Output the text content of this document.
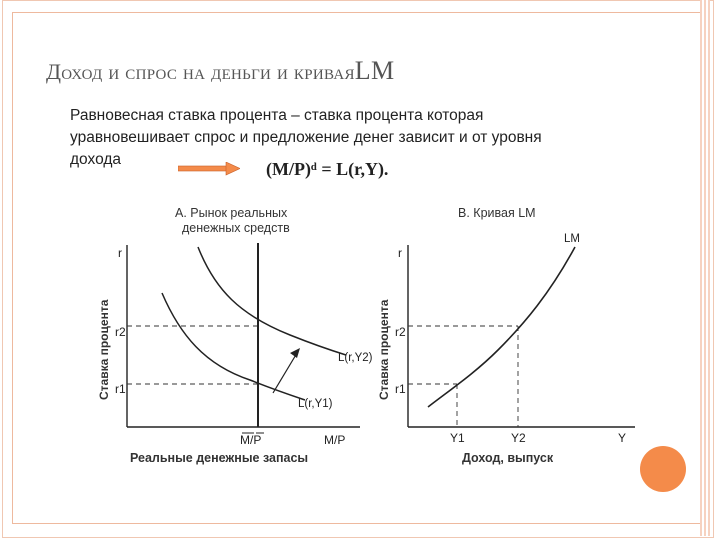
Доход и спрос на деньги и криваяLM
Равновесная ставка процента – ставка процента которая уравновешивает спрос и предложение денег зависит и от уровня дохода	(M/P)ᵈ = L(r,Y).
А. Рынок реальных
денежных средств
r
Ставка процента r2
r1
L(r,Y2)
L(r,Y1)
M/P	M/P
Реальные денежные запасы
В. Кривая LM
r
Ставка процента r2
r1
LM
Y1	Y2	Y
Доход, выпуск
